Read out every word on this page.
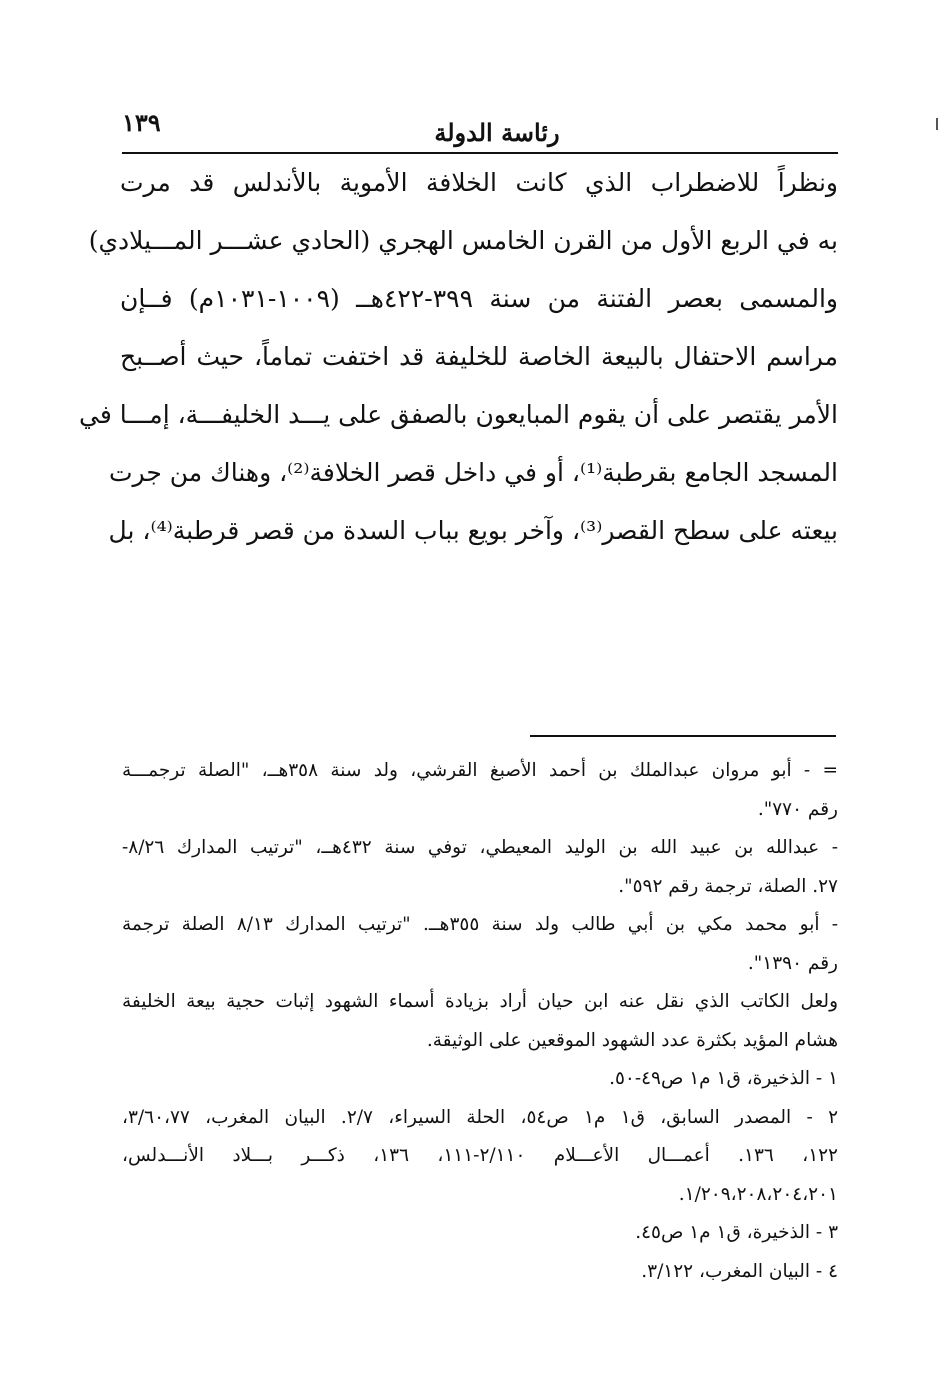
١٣٩	رئاسة الدولة
ونظراً للاضطراب الذي كانت الخلافة الأموية بالأندلس قد مرت
به في الربع الأول من القرن الخامس الهجري (الحادي عشـــر المـــيلادي)
والمسمى بعصر الفتنة من سنة ٣٩٩-٤٢٢هــ (١٠٠٩-١٠٣١م) فــإن
مراسم الاحتفال بالبيعة الخاصة للخليفة قد اختفت تماماً، حيث أصــبح
الأمر يقتصر على أن يقوم المبايعون بالصفق على يـــد الخليفـــة، إمـــا في
المسجد الجامع بقرطبة⁽¹⁾، أو في داخل قصر الخلافة⁽²⁾، وهناك من جرت
بيعته على سطح القصر⁽³⁾، وآخر بويع بباب السدة من قصر قرطبة⁽⁴⁾، بل
= - أبو مروان عبدالملك بن أحمد الأصبغ القرشي، ولد سنة ٣٥٨هــ، "الصلة ترجمـــة
رقم ٧٧٠".
- عبدالله بن عبيد الله بن الوليد المعيطي، توفي سنة ٤٣٢هــ، "ترتيب المدارك ٨/٢٦-
٢٧. الصلة، ترجمة رقم ٥٩٢".
- أبو محمد مكي بن أبي طالب ولد سنة ٣٥٥هــ. "ترتيب المدارك ٨/١٣ الصلة ترجمة
رقم ١٣٩٠".
ولعل الكاتب الذي نقل عنه ابن حيان أراد بزيادة أسماء الشهود إثبات حجية بيعة الخليفة
هشام المؤيد بكثرة عدد الشهود الموقعين على الوثيقة.
١ - الذخيرة، ق١ م١ ص٤٩-٥٠.
٢ - المصدر السابق، ق١ م١ ص٥٤، الحلة السيراء، ٢/٧. البيان المغرب، ٣/٦٠،٧٧،
١٢٢، ١٣٦. أعمـــال الأعـــلام ٢/١١٠-١١١، ١٣٦، ذكـــر بـــلاد الأنـــدلس،
١/٢٠٩،٢٠٨،٢٠٤،٢٠١.
٣ - الذخيرة، ق١ م١ ص٤٥.
٤ - البيان المغرب، ٣/١٢٢.
